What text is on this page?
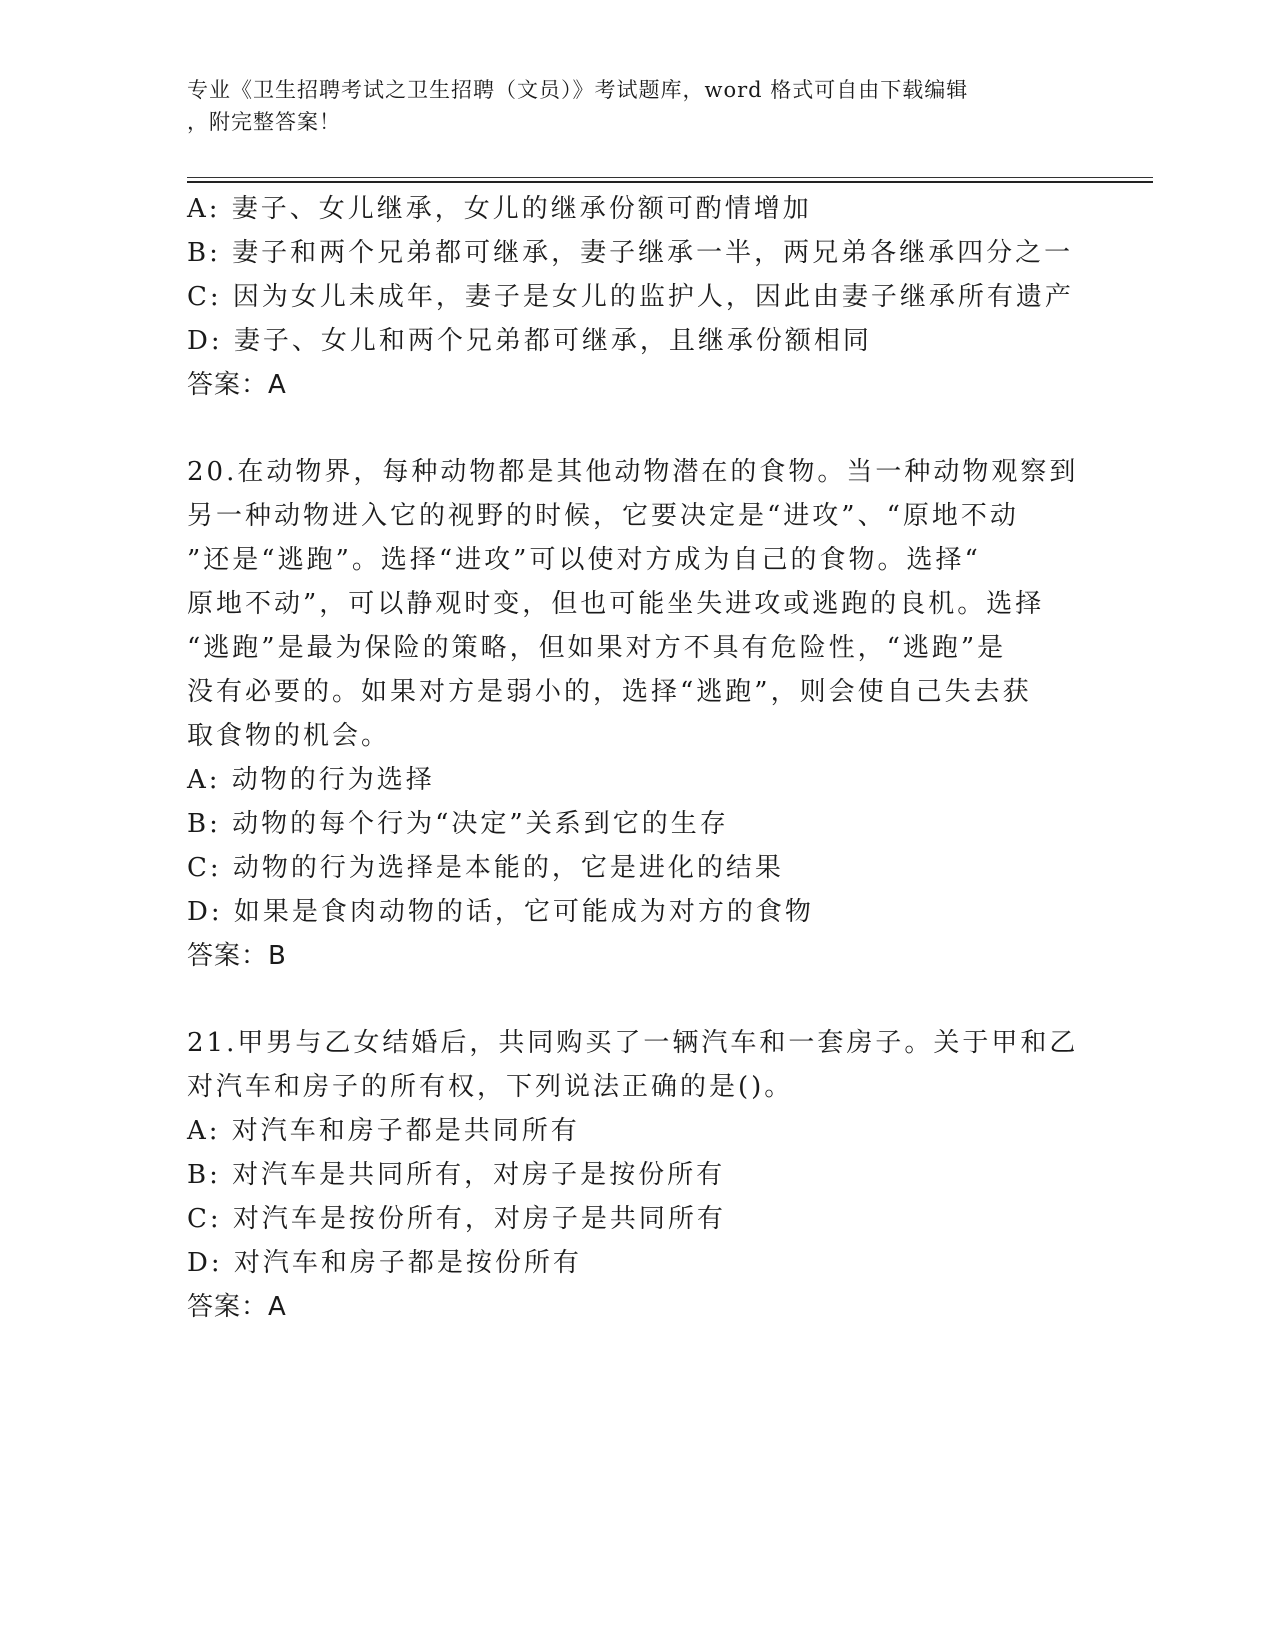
专业《卫生招聘考试之卫生招聘（文员）》考试题库，word 格式可自由下载编辑
，附完整答案！
A: 妻子、女儿继承，女儿的继承份额可酌情增加
B: 妻子和两个兄弟都可继承，妻子继承一半，两兄弟各继承四分之一
C: 因为女儿未成年，妻子是女儿的监护人，因此由妻子继承所有遗产
D: 妻子、女儿和两个兄弟都可继承，且继承份额相同
答案：A
20.在动物界，每种动物都是其他动物潜在的食物。当一种动物观察到
另一种动物进入它的视野的时候，它要决定是“进攻”、“原地不动
”还是“逃跑”。选择“进攻”可以使对方成为自己的食物。选择“
原地不动”，可以静观时变，但也可能坐失进攻或逃跑的良机。选择
“逃跑”是最为保险的策略，但如果对方不具有危险性，“逃跑”是
没有必要的。如果对方是弱小的，选择“逃跑”，则会使自己失去获
取食物的机会。
A: 动物的行为选择
B: 动物的每个行为“决定”关系到它的生存
C: 动物的行为选择是本能的，它是进化的结果
D: 如果是食肉动物的话，它可能成为对方的食物
答案：B
21.甲男与乙女结婚后，共同购买了一辆汽车和一套房子。关于甲和乙
对汽车和房子的所有权，下列说法正确的是()。
A: 对汽车和房子都是共同所有
B: 对汽车是共同所有，对房子是按份所有
C: 对汽车是按份所有，对房子是共同所有
D: 对汽车和房子都是按份所有
答案：A
